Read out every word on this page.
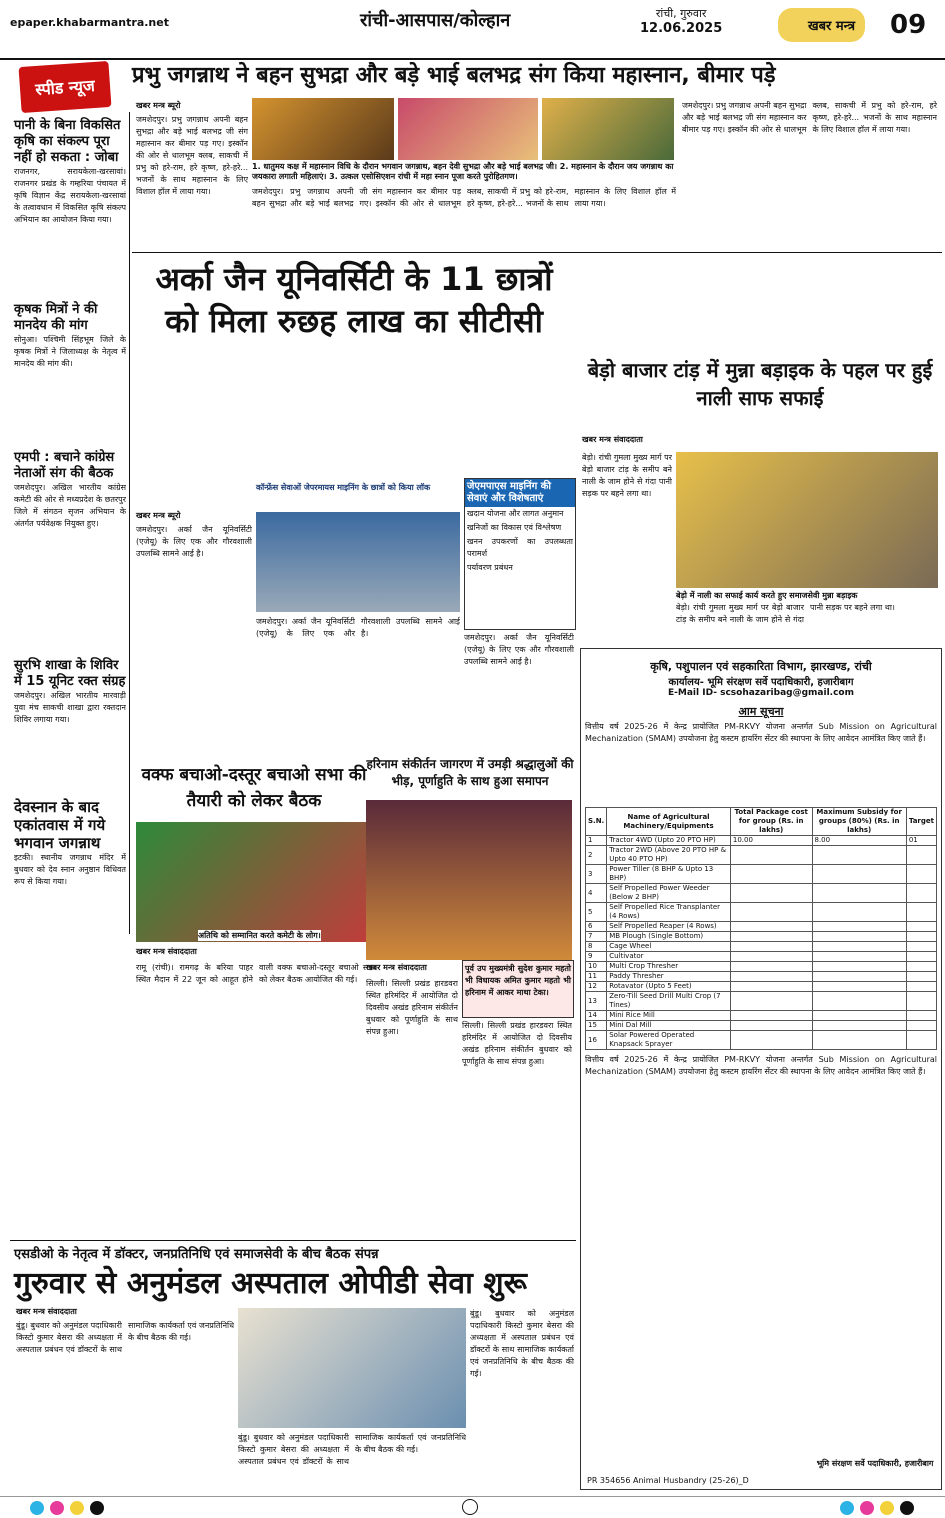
epaper.khabarmantra.net	रांची-आसपास/कोल्हान	रांची, गुरुवार
12.06.2025	खबर मन्त्र	09
स्पीड न्यूज	प्रभु जगन्नाथ ने बहन सुभद्रा और बड़े भाई बलभद्र संग किया महास्नान, बीमार पड़े
1. धातुमय कक्ष में महास्नान विधि के दौरान भगवान जगन्नाथ, बहन देवी सुभद्रा और बड़े भाई बलभद्र जी। 2. महास्नान के दौरान जय जगन्नाथ का जयकारा लगाती महिलाएं। 3. उत्कल एसोसिएशन रांची में महा स्नान पूजा करते पुरोहितगण।
खबर मन्त्र ब्यूरो
जमशेदपुर। प्रभु जगन्नाथ अपनी बहन सुभद्रा और बड़े भाई बलभद्र जी संग महास्नान कर बीमार पड़ गए। इस्कॉन की ओर से धालभूम क्लब, साकची में प्रभु को हरे-राम, हरे कृष्ण, हरे-हरे... भजनों के साथ महास्नान के लिए विशाल हॉल में लाया गया।	जमशेदपुर। प्रभु जगन्नाथ अपनी बहन सुभद्रा और बड़े भाई बलभद्र जी संग महास्नान कर बीमार पड़ गए। इस्कॉन की ओर से धालभूम क्लब, साकची में प्रभु को हरे-राम, हरे कृष्ण, हरे-हरे... भजनों के साथ महास्नान के लिए विशाल हॉल में लाया गया।
जमशेदपुर। प्रभु जगन्नाथ अपनी बहन सुभद्रा और बड़े भाई बलभद्र जी संग महास्नान कर बीमार पड़ गए। इस्कॉन की ओर से धालभूम क्लब, साकची में प्रभु को हरे-राम, हरे कृष्ण, हरे-हरे... भजनों के साथ महास्नान के लिए विशाल हॉल में लाया गया।
पानी के बिना विकसित कृषि का संकल्प पूरा नहीं हो सकता : जोबा
राजनगर, सरायकेला-खरसावां। राजनगर प्रखंड के गम्हरिया पंचायत में कृषि विज्ञान केंद्र सरायकेला-खरसावां के तत्वावधान में विकसित कृषि संकल्प अभियान का आयोजन किया गया।
कृषक मित्रों ने की मानदेय की मांग
सोनुआ। पश्चिमी सिंहभूम जिले के कृषक मित्रों ने जिलाध्यक्ष के नेतृत्व में मानदेय की मांग की।
एमपी : बचाने कांग्रेस नेताओं संग की बैठक
जमशेदपुर। अखिल भारतीय कांग्रेस कमेटी की ओर से मध्यप्रदेश के छतरपुर जिले में संगठन सृजन अभियान के अंतर्गत पर्यवेक्षक नियुक्त हुए।
सुरभि शाखा के शिविर में 15 यूनिट रक्त संग्रह
जमशेदपुर। अखिल भारतीय मारवाड़ी युवा मंच साकची शाखा द्वारा रक्तदान शिविर लगाया गया।
देवस्नान के बाद एकांतवास में गये भगवान जगन्नाथ
इटकी। स्थानीय जगन्नाथ मंदिर में बुधवार को देव स्नान अनुष्ठान विधिवत रूप से किया गया।
अर्का जैन यूनिवर्सिटी के 11 छात्रों को मिला रुछह लाख का सीटीसी
कॉन्फ्रेंस सेवाओं जेपरमायस माइनिंग के छात्रों को किया लॉक
खबर मन्त्र ब्यूरो
जमशेदपुर। अर्का जैन यूनिवर्सिटी (एजेयू) के लिए एक और गौरवशाली उपलब्धि सामने आई है।
जमशेदपुर। अर्का जैन यूनिवर्सिटी (एजेयू) के लिए एक और गौरवशाली उपलब्धि सामने आई है।
जेएमपाएस माइनिंग की सेवाएं और विशेषताएं
खदान योजना और लागत अनुमान
खनिजों का विकास एवं विश्लेषण
खनन उपकरणों का उपलब्धता परामर्श
पर्यावरण प्रबंधन
जमशेदपुर। अर्का जैन यूनिवर्सिटी (एजेयू) के लिए एक और गौरवशाली उपलब्धि सामने आई है।
बेड़ो बाजार टांड़ में मुन्ना बड़ाइक के पहल पर हुई नाली साफ सफाई
खबर मन्त्र संवाददाता
बेड़ो। रांची गुमला मुख्य मार्ग पर बेड़ो बाजार टांड़ के समीप बने नाली के जाम होने से गंदा पानी सड़क पर बहने लगा था।
बेड़ो में नाली का सफाई कार्य करते हुए समाजसेवी मुन्ना बड़ाइक
बेड़ो। रांची गुमला मुख्य मार्ग पर बेड़ो बाजार टांड़ के समीप बने नाली के जाम होने से गंदा पानी सड़क पर बहने लगा था।
वक्फ बचाओ-दस्तूर बचाओ सभा की तैयारी को लेकर बैठक
अतिथि को सम्मानित करते कमेटी के लोग।
खबर मन्त्र संवाददाता
रामू (रांची)। रामगढ़ के बरिया पाहर स्थित मैदान में 22 जून को आहूत होने वाली वक्फ बचाओ-दस्तूर बचाओ सभा को लेकर बैठक आयोजित की गई।
हरिनाम संकीर्तन जागरण में उमड़ी श्रद्धालुओं की भीड़, पूर्णाहुति के साथ हुआ समापन
खबर मन्त्र संवाददाता	पूर्व उप मुख्यमंत्री सुदेश कुमार महतो भी विधायक अमित कुमार महतो भी हरिनाम में आकर माथा टेका।
सिल्ली। सिल्ली प्रखंड हारडवरा स्थित हरिमंदिर में आयोजित दो दिवसीय अखंड हरिनाम संकीर्तन बुधवार को पूर्णाहुति के साथ संपन्न हुआ।
सिल्ली। सिल्ली प्रखंड हारडवरा स्थित हरिमंदिर में आयोजित दो दिवसीय अखंड हरिनाम संकीर्तन बुधवार को पूर्णाहुति के साथ संपन्न हुआ।
कृषि, पशुपालन एवं सहकारिता विभाग, झारखण्ड, रांची
कार्यालय- भूमि संरक्षण सर्वे पदाधिकारी, हजारीबाग
E-Mail ID- scsohazaribag@gmail.com
आम सूचना
वित्तीय वर्ष 2025-26 में केन्द्र प्रायोजित PM-RKVY योजना अन्तर्गत Sub Mission on Agricultural Mechanization (SMAM) उपयोजना हेतु कस्टम हायरिंग सेंटर की स्थापना के लिए आवेदन आमंत्रित किए जाते हैं।
S.N.	Name of Agricultural Machinery/Equipments	Total Package cost for group (Rs. in lakhs)	Maximum Subsidy for groups (80%) (Rs. in lakhs)	Target
1	Tractor 4WD (Upto 20 PTO HP)	10.00	8.00	01
2	Tractor 2WD (Above 20 PTO HP & Upto 40 PTO HP)			
3	Power Tiller (8 BHP & Upto 13 BHP)			
4	Self Propelled Power Weeder (Below 2 BHP)			
5	Self Propelled Rice Transplanter (4 Rows)			
6	Self Propelled Reaper (4 Rows)			
7	MB Plough (Single Bottom)			
8	Cage Wheel			
9	Cultivator			
10	Multi Crop Thresher			
11	Paddy Thresher			
12	Rotavator (Upto 5 Feet)			
13	Zero-Till Seed Drill Multi Crop (7 Tines)			
14	Mini Rice Mill			
15	Mini Dal Mill			
16	Solar Powered Operated Knapsack Sprayer			
वित्तीय वर्ष 2025-26 में केन्द्र प्रायोजित PM-RKVY योजना अन्तर्गत Sub Mission on Agricultural Mechanization (SMAM) उपयोजना हेतु कस्टम हायरिंग सेंटर की स्थापना के लिए आवेदन आमंत्रित किए जाते हैं।
भूमि संरक्षण सर्वे पदाधिकारी, हजारीबाग
PR 354656 Animal Husbandry (25-26)_D
एसडीओ के नेतृत्व में डॉक्टर, जनप्रतिनिधि एवं समाजसेवी के बीच बैठक संपन्न
गुरुवार से अनुमंडल अस्पताल ओपीडी सेवा शुरू
खबर मन्त्र संवाददाता
बुंडू। बुधवार को अनुमंडल पदाधिकारी किस्टो कुमार बेसरा की अध्यक्षता में अस्पताल प्रबंधन एवं डॉक्टरों के साथ सामाजिक कार्यकर्ता एवं जनप्रतिनिधि के बीच बैठक की गई।
बुंडू। बुधवार को अनुमंडल पदाधिकारी किस्टो कुमार बेसरा की अध्यक्षता में अस्पताल प्रबंधन एवं डॉक्टरों के साथ सामाजिक कार्यकर्ता एवं जनप्रतिनिधि के बीच बैठक की गई।
बुंडू। बुधवार को अनुमंडल पदाधिकारी किस्टो कुमार बेसरा की अध्यक्षता में अस्पताल प्रबंधन एवं डॉक्टरों के साथ सामाजिक कार्यकर्ता एवं जनप्रतिनिधि के बीच बैठक की गई।
